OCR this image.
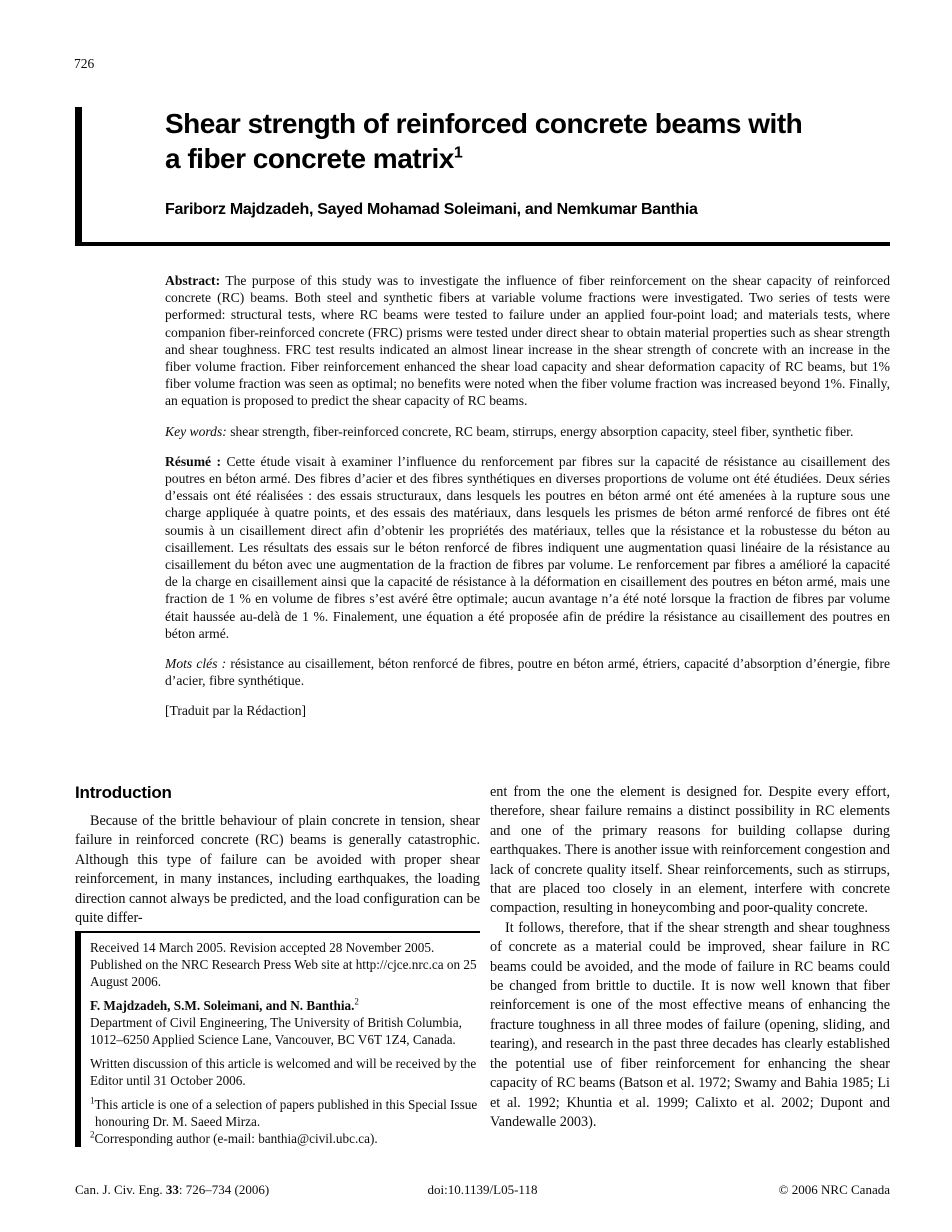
726
Shear strength of reinforced concrete beams with
a fiber concrete matrix$^1$
Fariborz Majdzadeh, Sayed Mohamad Soleimani, and Nemkumar Banthia

Abstract: The purpose of this study was to investigate the influence of fiber reinforcement on the shear capacity of reinforced concrete (RC) beams. Both steel and synthetic fibers at variable volume fractions were investigated. Two series of tests were performed: structural tests, where RC beams were tested to failure under an applied four-point load; and materials tests, where companion fiber-reinforced concrete (FRC) prisms were tested under direct shear to obtain material properties such as shear strength and shear toughness. FRC test results indicated an almost linear increase in the shear strength of concrete with an increase in the fiber volume fraction. Fiber reinforcement enhanced the shear load capacity and shear deformation capacity of RC beams, but 1% fiber volume fraction was seen as optimal; no benefits were noted when the fiber volume fraction was increased beyond 1%. Finally, an equation is proposed to predict the shear capacity of RC beams.

Key words: shear strength, fiber-reinforced concrete, RC beam, stirrups, energy absorption capacity, steel fiber, synthetic fiber.

Résumé : Cette étude visait à examiner l’influence du renforcement par fibres sur la capacité de résistance au cisaillement des poutres en béton armé. Des fibres d’acier et des fibres synthétiques en diverses proportions de volume ont été étudiées. Deux séries d’essais ont été réalisées : des essais structuraux, dans lesquels les poutres en béton armé ont été amenées à la rupture sous une charge appliquée à quatre points, et des essais des matériaux, dans lesquels les prismes de béton armé renforcé de fibres ont été soumis à un cisaillement direct afin d’obtenir les propriétés des matériaux, telles que la résistance et la robustesse du béton au cisaillement. Les résultats des essais sur le béton renforcé de fibres indiquent une augmentation quasi linéaire de la résistance au cisaillement du béton avec une augmentation de la fraction de fibres par volume. Le renforcement par fibres a amélioré la capacité de la charge en cisaillement ainsi que la capacité de résistance à la déformation en cisaillement des poutres en béton armé, mais une fraction de 1 % en volume de fibres s’est avéré être optimale; aucun avantage n’a été noté lorsque la fraction de fibres par volume était haussée au-delà de 1 %. Finalement, une équation a été proposée afin de prédire la résistance au cisaillement des poutres en béton armé.

Mots clés : résistance au cisaillement, béton renforcé de fibres, poutre en béton armé, étriers, capacité d’absorption d’énergie, fibre d’acier, fibre synthétique.

[Traduit par la Rédaction]

Introduction

Because of the brittle behaviour of plain concrete in tension, shear failure in reinforced concrete (RC) beams is generally catastrophic. Although this type of failure can be avoided with proper shear reinforcement, in many instances, including earthquakes, the loading direction cannot always be predicted, and the load configuration can be quite differ-

Received 14 March 2005. Revision accepted 28 November 2005. Published on the NRC Research Press Web site at http://cjce.nrc.ca on 25 August 2006.

F. Majdzadeh, S.M. Soleimani, and N. Banthia.$^2$
Department of Civil Engineering, The University of British Columbia, 1012–6250 Applied Science Lane, Vancouver, BC V6T 1Z4, Canada.

Written discussion of this article is welcomed and will be received by the Editor until 31 October 2006.

$^1$This article is one of a selection of papers published in this Special Issue honouring Dr. M. Saeed Mirza.

$^2$Corresponding author (e-mail: banthia@civil.ubc.ca).

ent from the one the element is designed for. Despite every effort, therefore, shear failure remains a distinct possibility in RC elements and one of the primary reasons for building collapse during earthquakes. There is another issue with reinforcement congestion and lack of concrete quality itself. Shear reinforcements, such as stirrups, that are placed too closely in an element, interfere with concrete compaction, resulting in honeycombing and poor-quality concrete.

It follows, therefore, that if the shear strength and shear toughness of concrete as a material could be improved, shear failure in RC beams could be avoided, and the mode of failure in RC beams could be changed from brittle to ductile. It is now well known that fiber reinforcement is one of the most effective means of enhancing the fracture toughness in all three modes of failure (opening, sliding, and tearing), and research in the past three decades has clearly established the potential use of fiber reinforcement for enhancing the shear capacity of RC beams (Batson et al. 1972; Swamy and Bahia 1985; Li et al. 1992; Khuntia et al. 1999; Calixto et al. 2002; Dupont and Vandewalle 2003).

Can. J. Civ. Eng. 33: 726–734 (2006)	doi:10.1139/L05-118	© 2006 NRC Canada
